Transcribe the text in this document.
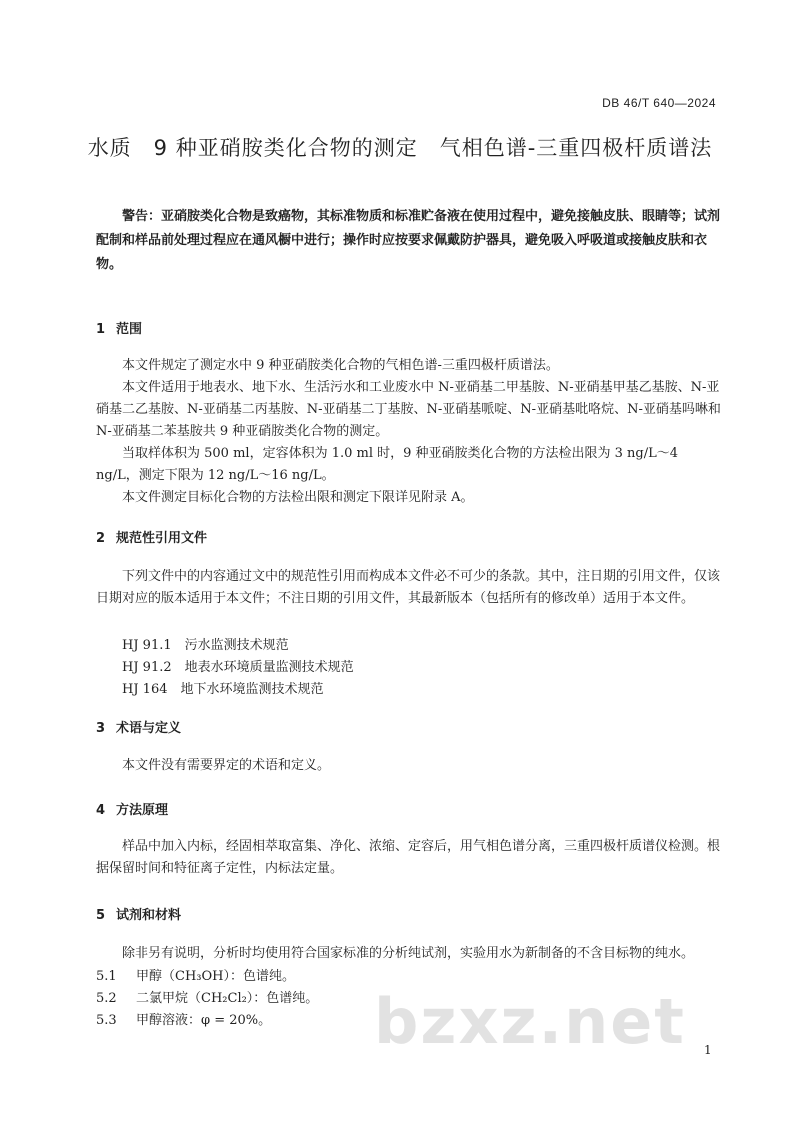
DB 46/T 640—2024
水质　9 种亚硝胺类化合物的测定　气相色谱-三重四极杆质谱法
警告：亚硝胺类化合物是致癌物，其标准物质和标准贮备液在使用过程中，避免接触皮肤、眼睛等；试剂配制和样品前处理过程应在通风橱中进行；操作时应按要求佩戴防护器具，避免吸入呼吸道或接触皮肤和衣物。
1 范围
本文件规定了测定水中 9 种亚硝胺类化合物的气相色谱-三重四极杆质谱法。
本文件适用于地表水、地下水、生活污水和工业废水中 N-亚硝基二甲基胺、N-亚硝基甲基乙基胺、N-亚硝基二乙基胺、N-亚硝基二丙基胺、N-亚硝基二丁基胺、N-亚硝基哌啶、N-亚硝基吡咯烷、N-亚硝基吗啉和 N-亚硝基二苯基胺共 9 种亚硝胺类化合物的测定。
当取样体积为 500 ml，定容体积为 1.0 ml 时，9 种亚硝胺类化合物的方法检出限为 3 ng/L～4 ng/L，测定下限为 12 ng/L～16 ng/L。
本文件测定目标化合物的方法检出限和测定下限详见附录 A。
2 规范性引用文件
下列文件中的内容通过文中的规范性引用而构成本文件必不可少的条款。其中，注日期的引用文件，仅该日期对应的版本适用于本文件；不注日期的引用文件，其最新版本（包括所有的修改单）适用于本文件。
HJ 91.1　污水监测技术规范
HJ 91.2　地表水环境质量监测技术规范
HJ 164　地下水环境监测技术规范
3 术语与定义
本文件没有需要界定的术语和定义。
4 方法原理
样品中加入内标，经固相萃取富集、净化、浓缩、定容后，用气相色谱分离，三重四极杆质谱仪检测。根据保留时间和特征离子定性，内标法定量。
5 试剂和材料
除非另有说明，分析时均使用符合国家标准的分析纯试剂，实验用水为新制备的不含目标物的纯水。
5.1 甲醇（CH₃OH）：色谱纯。
5.2 二氯甲烷（CH₂Cl₂）：色谱纯。
5.3 甲醇溶液：φ = 20%。 bzxz.net 1
